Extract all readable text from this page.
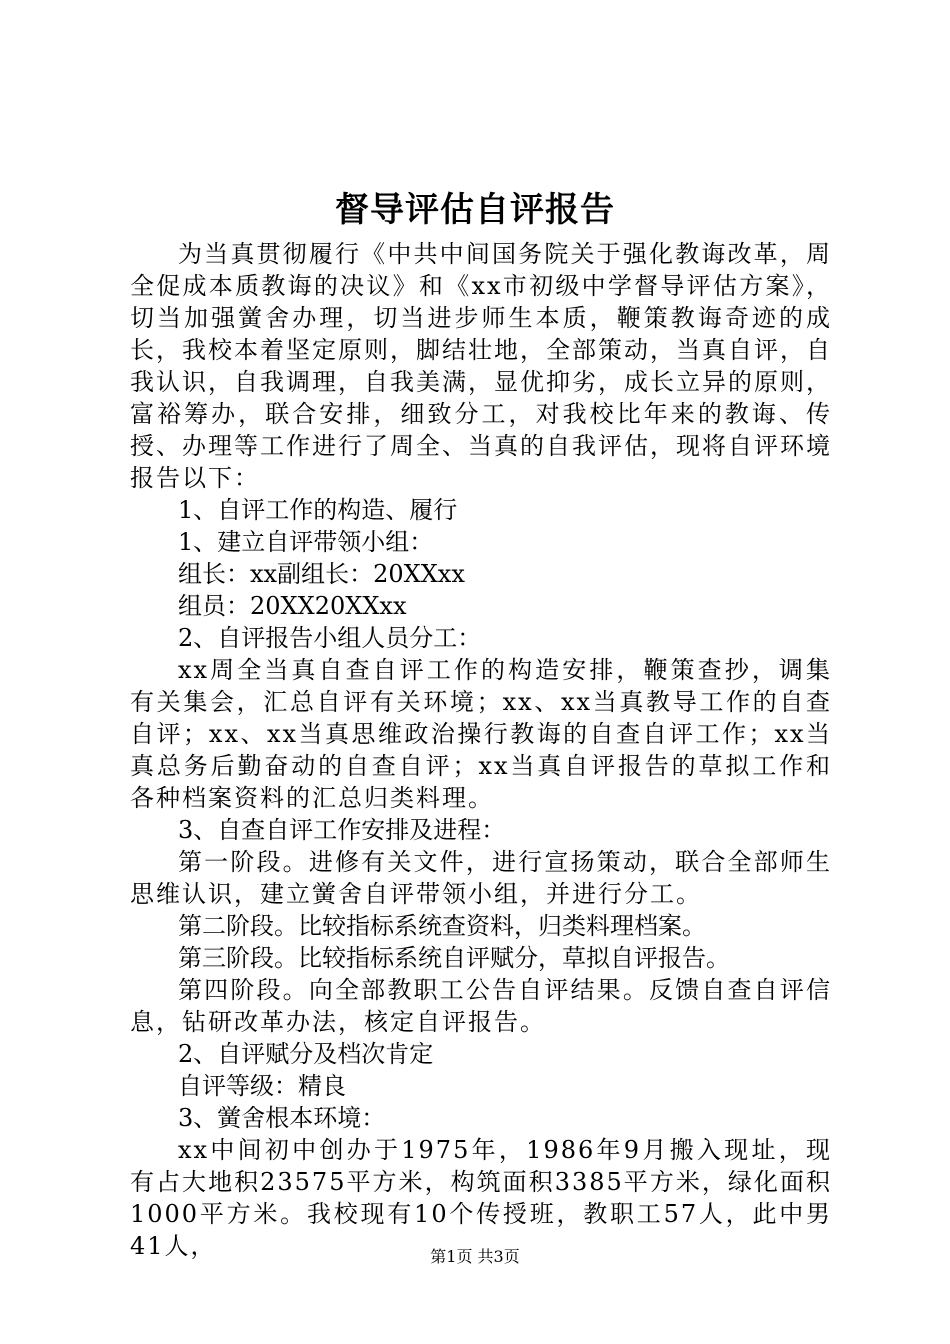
督导评估自评报告

为当真贯彻履行《中共中间国务院关于强化教诲改革，周全促成本质教诲的决议》和《xx市初级中学督导评估方案》，切当加强黉舍办理，切当进步师生本质，鞭策教诲奇迹的成长，我校本着坚定原则，脚结壮地，全部策动，当真自评，自我认识，自我调理，自我美满，显优抑劣，成长立异的原则，富裕筹办，联合安排，细致分工，对我校比年来的教诲、传授、办理等工作进行了周全、当真的自我评估，现将自评环境报告以下：

1、自评工作的构造、履行

1、建立自评带领小组：

组长：xx副组长：20XXxx

组员：20XX20XXxx

2、自评报告小组人员分工：

xx周全当真自查自评工作的构造安排，鞭策查抄，调集有关集会，汇总自评有关环境；xx、xx当真教导工作的自查自评；xx、xx当真思维政治操行教诲的自查自评工作；xx当真总务后勤奋动的自查自评；xx当真自评报告的草拟工作和各种档案资料的汇总归类料理。

3、自查自评工作安排及进程：

第一阶段。进修有关文件，进行宣扬策动，联合全部师生思维认识，建立黉舍自评带领小组，并进行分工。

第二阶段。比较指标系统查资料，归类料理档案。

第三阶段。比较指标系统自评赋分，草拟自评报告。

第四阶段。向全部教职工公告自评结果。反馈自查自评信息，钻研改革办法，核定自评报告。

2、自评赋分及档次肯定

自评等级：精良

3、黉舍根本环境：

xx中间初中创办于1975年，1986年9月搬入现址，现有占大地积23575平方米，构筑面积3385平方米，绿化面积1000平方米。我校现有10个传授班，教职工57人，此中男41人，	第1页 共3页
